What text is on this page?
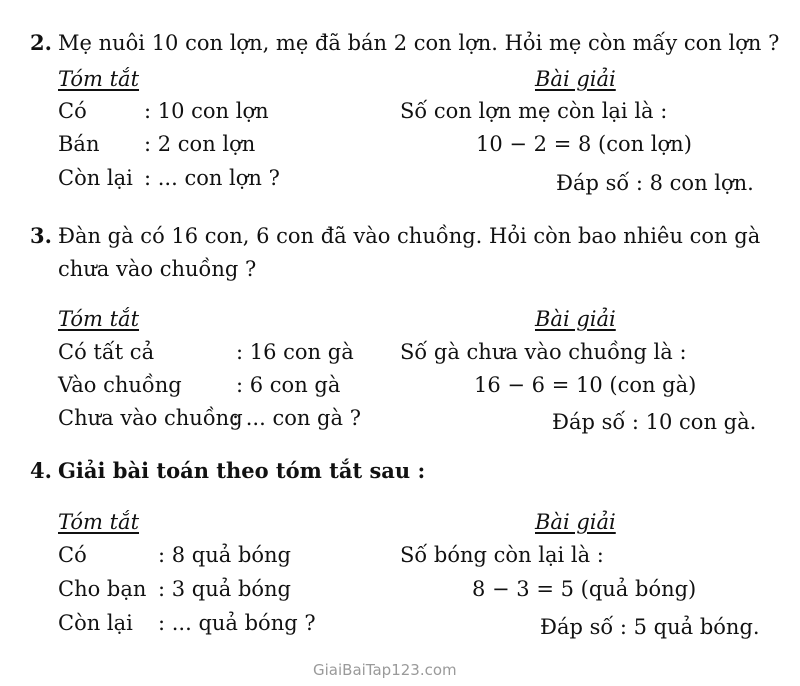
2. Mẹ nuôi 10 con lợn, mẹ đã bán 2 con lợn. Hỏi mẹ còn mấy con lợn ?
Tóm tắt	Bài giải
Có	: 10 con lợn
Bán : 2 con lợn
Còn lại : ... con lợn ?
Số con lợn mẹ còn lại là :
10 − 2 = 8 (con lợn)
Đáp số : 8 con lợn.
3. Đàn gà có 16 con, 6 con đã vào chuồng. Hỏi còn bao nhiêu con gà
chưa vào chuồng ?
Tóm tắt	Bài giải
Có tất cả	: 16 con gà
Vào chuồng	: 6 con gà
Chưa vào chuồng
: ... con gà ?
Số gà chưa vào chuồng là :
16 − 6 = 10 (con gà)
Đáp số : 10 con gà.
4. Giải bài toán theo tóm tắt sau :
Tóm tắt	Bài giải
Có	: 8 quả bóng
Cho bạn : 3 quả bóng
Còn lại : ... quả bóng ?
Số bóng còn lại là :
8 − 3 = 5 (quả bóng)
Đáp số : 5 quả bóng.
GiaiBaiTap123.com
